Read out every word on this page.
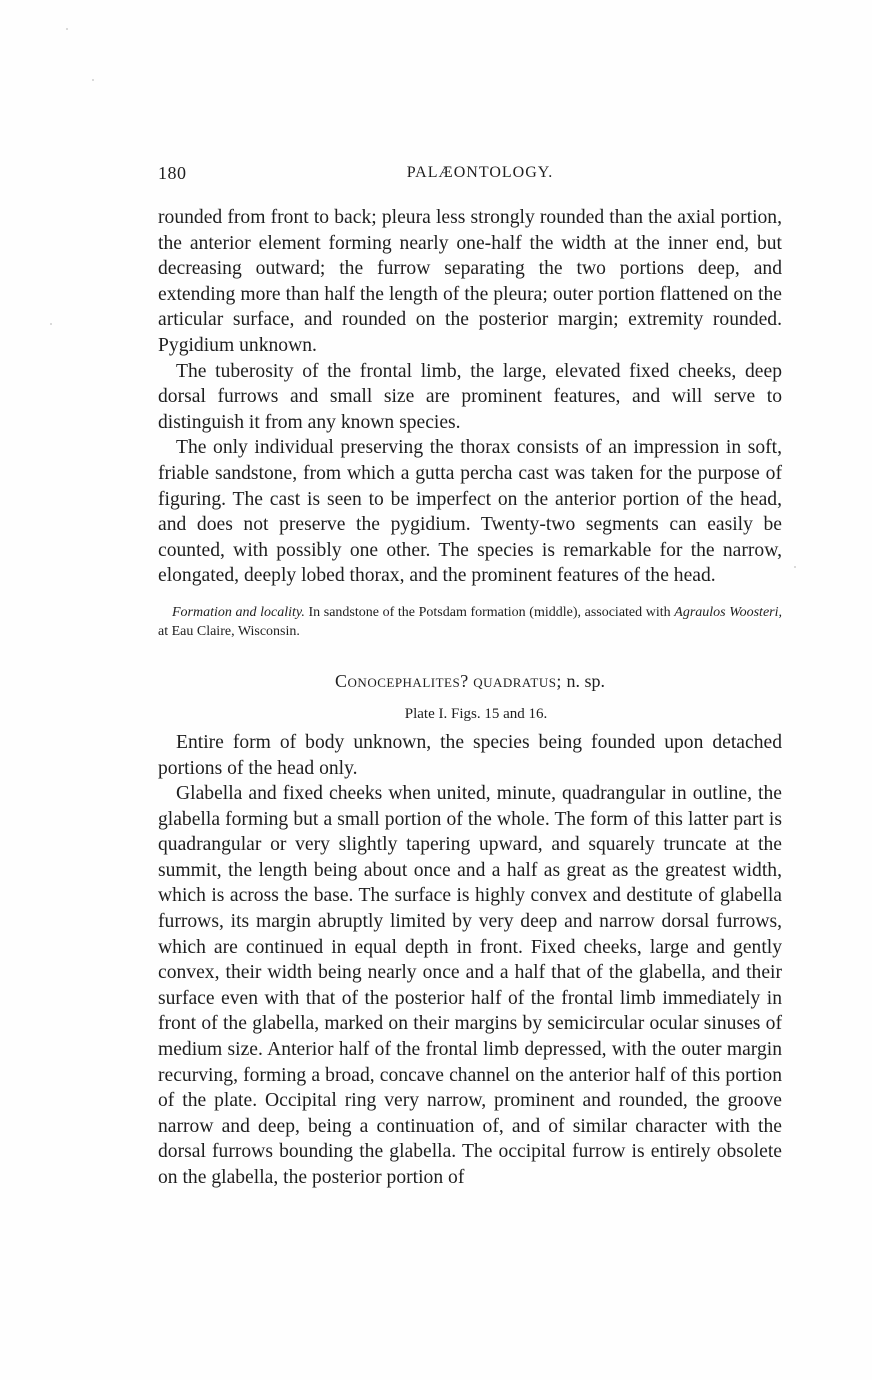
180	PALÆONTOLOGY.

rounded from front to back; pleura less strongly rounded than the axial portion, the anterior element forming nearly one-half the width at the inner end, but decreasing outward; the furrow separating the two portions deep, and extending more than half the length of the pleura; outer portion flattened on the articular surface, and rounded on the posterior margin; extremity rounded. Pygidium unknown.

The tuberosity of the frontal limb, the large, elevated fixed cheeks, deep dorsal furrows and small size are prominent features, and will serve to distinguish it from any known species.

The only individual preserving the thorax consists of an impression in soft, friable sandstone, from which a gutta percha cast was taken for the purpose of figuring. The cast is seen to be imperfect on the anterior portion of the head, and does not preserve the pygidium. Twenty-two segments can easily be counted, with possibly one other. The species is remarkable for the narrow, elongated, deeply lobed thorax, and the prominent features of the head.

Formation and locality. In sandstone of the Potsdam formation (middle), associated with Agraulos Woosteri, at Eau Claire, Wisconsin.

Conocephalites? quadratus; n. sp.

Plate I. Figs. 15 and 16.

Entire form of body unknown, the species being founded upon detached portions of the head only.

Glabella and fixed cheeks when united, minute, quadrangular in outline, the glabella forming but a small portion of the whole. The form of this latter part is quadrangular or very slightly tapering upward, and squarely truncate at the summit, the length being about once and a half as great as the greatest width, which is across the base. The surface is highly convex and destitute of glabella furrows, its margin abruptly limited by very deep and narrow dorsal furrows, which are continued in equal depth in front. Fixed cheeks, large and gently convex, their width being nearly once and a half that of the glabella, and their surface even with that of the posterior half of the frontal limb immediately in front of the glabella, marked on their margins by semicircular ocular sinuses of medium size. Anterior half of the frontal limb depressed, with the outer margin recurving, forming a broad, concave channel on the anterior half of this portion of the plate. Occipital ring very narrow, prominent and rounded, the groove narrow and deep, being a continuation of, and of similar character with the dorsal furrows bounding the glabella. The occipital furrow is entirely obsolete on the glabella, the posterior portion of
